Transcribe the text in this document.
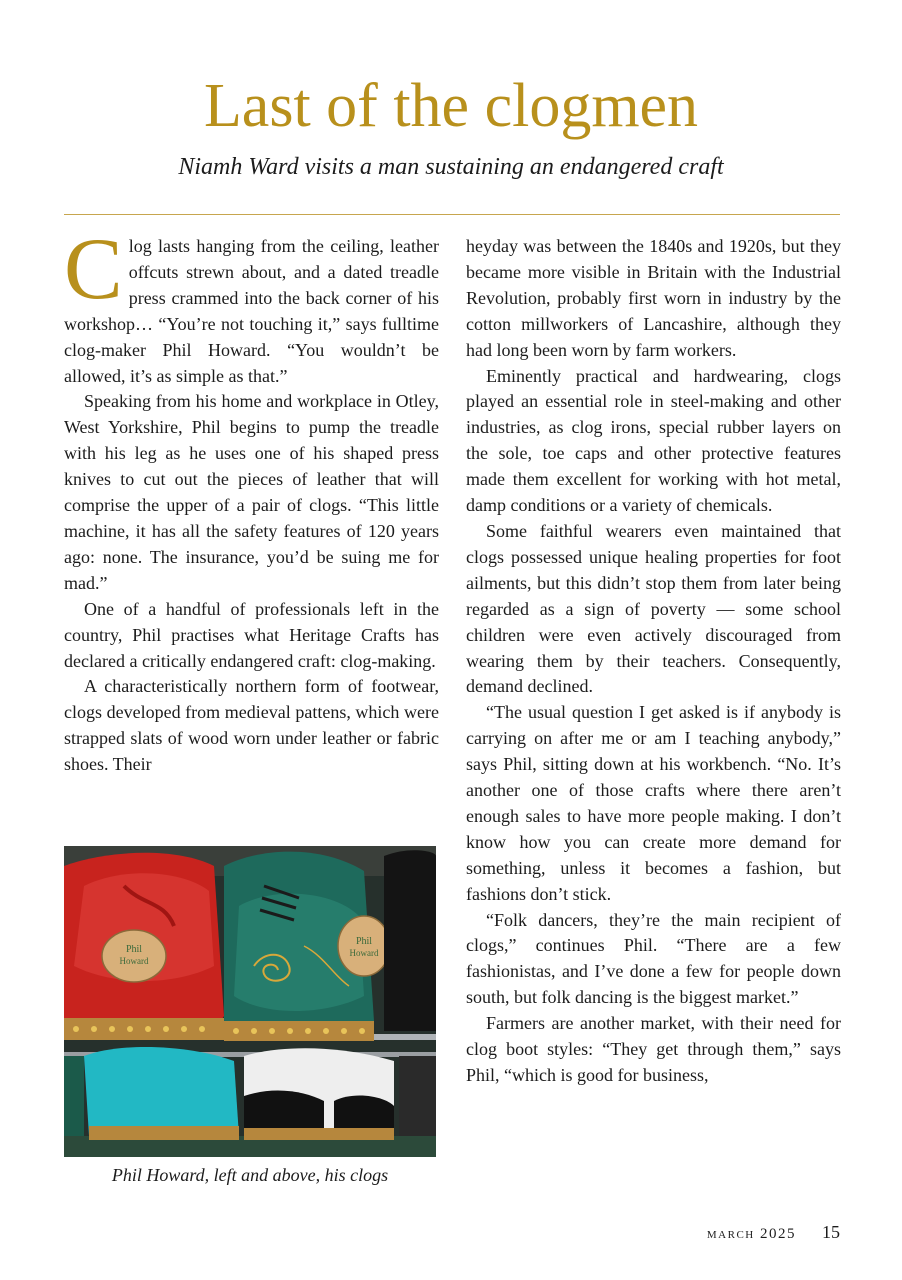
Last of the clogmen
Niamh Ward visits a man sustaining an endangered craft

Clog lasts hanging from the ceiling, leather offcuts strewn about, and a dated treadle press crammed into the back corner of his workshop… “You’re not touching it,” says fulltime clog-maker Phil Howard. “You wouldn’t be allowed, it’s as simple as that.”

Speaking from his home and workplace in Otley, West Yorkshire, Phil begins to pump the treadle with his leg as he uses one of his shaped press knives to cut out the pieces of leather that will comprise the upper of a pair of clogs. “This little machine, it has all the safety features of 120 years ago: none. The insurance, you’d be suing me for mad.”

One of a handful of professionals left in the country, Phil practises what Heritage Crafts has declared a critically endangered craft: clog-making.

A characteristically northern form of footwear, clogs developed from medieval pattens, which were strapped slats of wood worn under leather or fabric shoes. Their

Phil
Howard
Phil
Howard
Phil Howard, left and above, his clogs

heyday was between the 1840s and 1920s, but they became more visible in Britain with the Industrial Revolution, probably first worn in industry by the cotton millworkers of Lancashire, although they had long been worn by farm workers.

Eminently practical and hardwearing, clogs played an essential role in steel-making and other industries, as clog irons, special rubber layers on the sole, toe caps and other protective features made them excellent for working with hot metal, damp conditions or a variety of chemicals.

Some faithful wearers even maintained that clogs possessed unique healing properties for foot ailments, but this didn’t stop them from later being regarded as a sign of poverty — some school children were even actively discouraged from wearing them by their teachers. Consequently, demand declined.

“The usual question I get asked is if anybody is carrying on after me or am I teaching anybody,” says Phil, sitting down at his workbench. “No. It’s another one of those crafts where there aren’t enough sales to have more people making. I don’t know how you can create more demand for something, unless it becomes a fashion, but fashions don’t stick.

“Folk dancers, they’re the main recipient of clogs,” continues Phil. “There are a few fashionistas, and I’ve done a few for people down south, but folk dancing is the biggest market.”

Farmers are another market, with their need for clog boot styles: “They get through them,” says Phil, “which is good for business,

march 2025 15
